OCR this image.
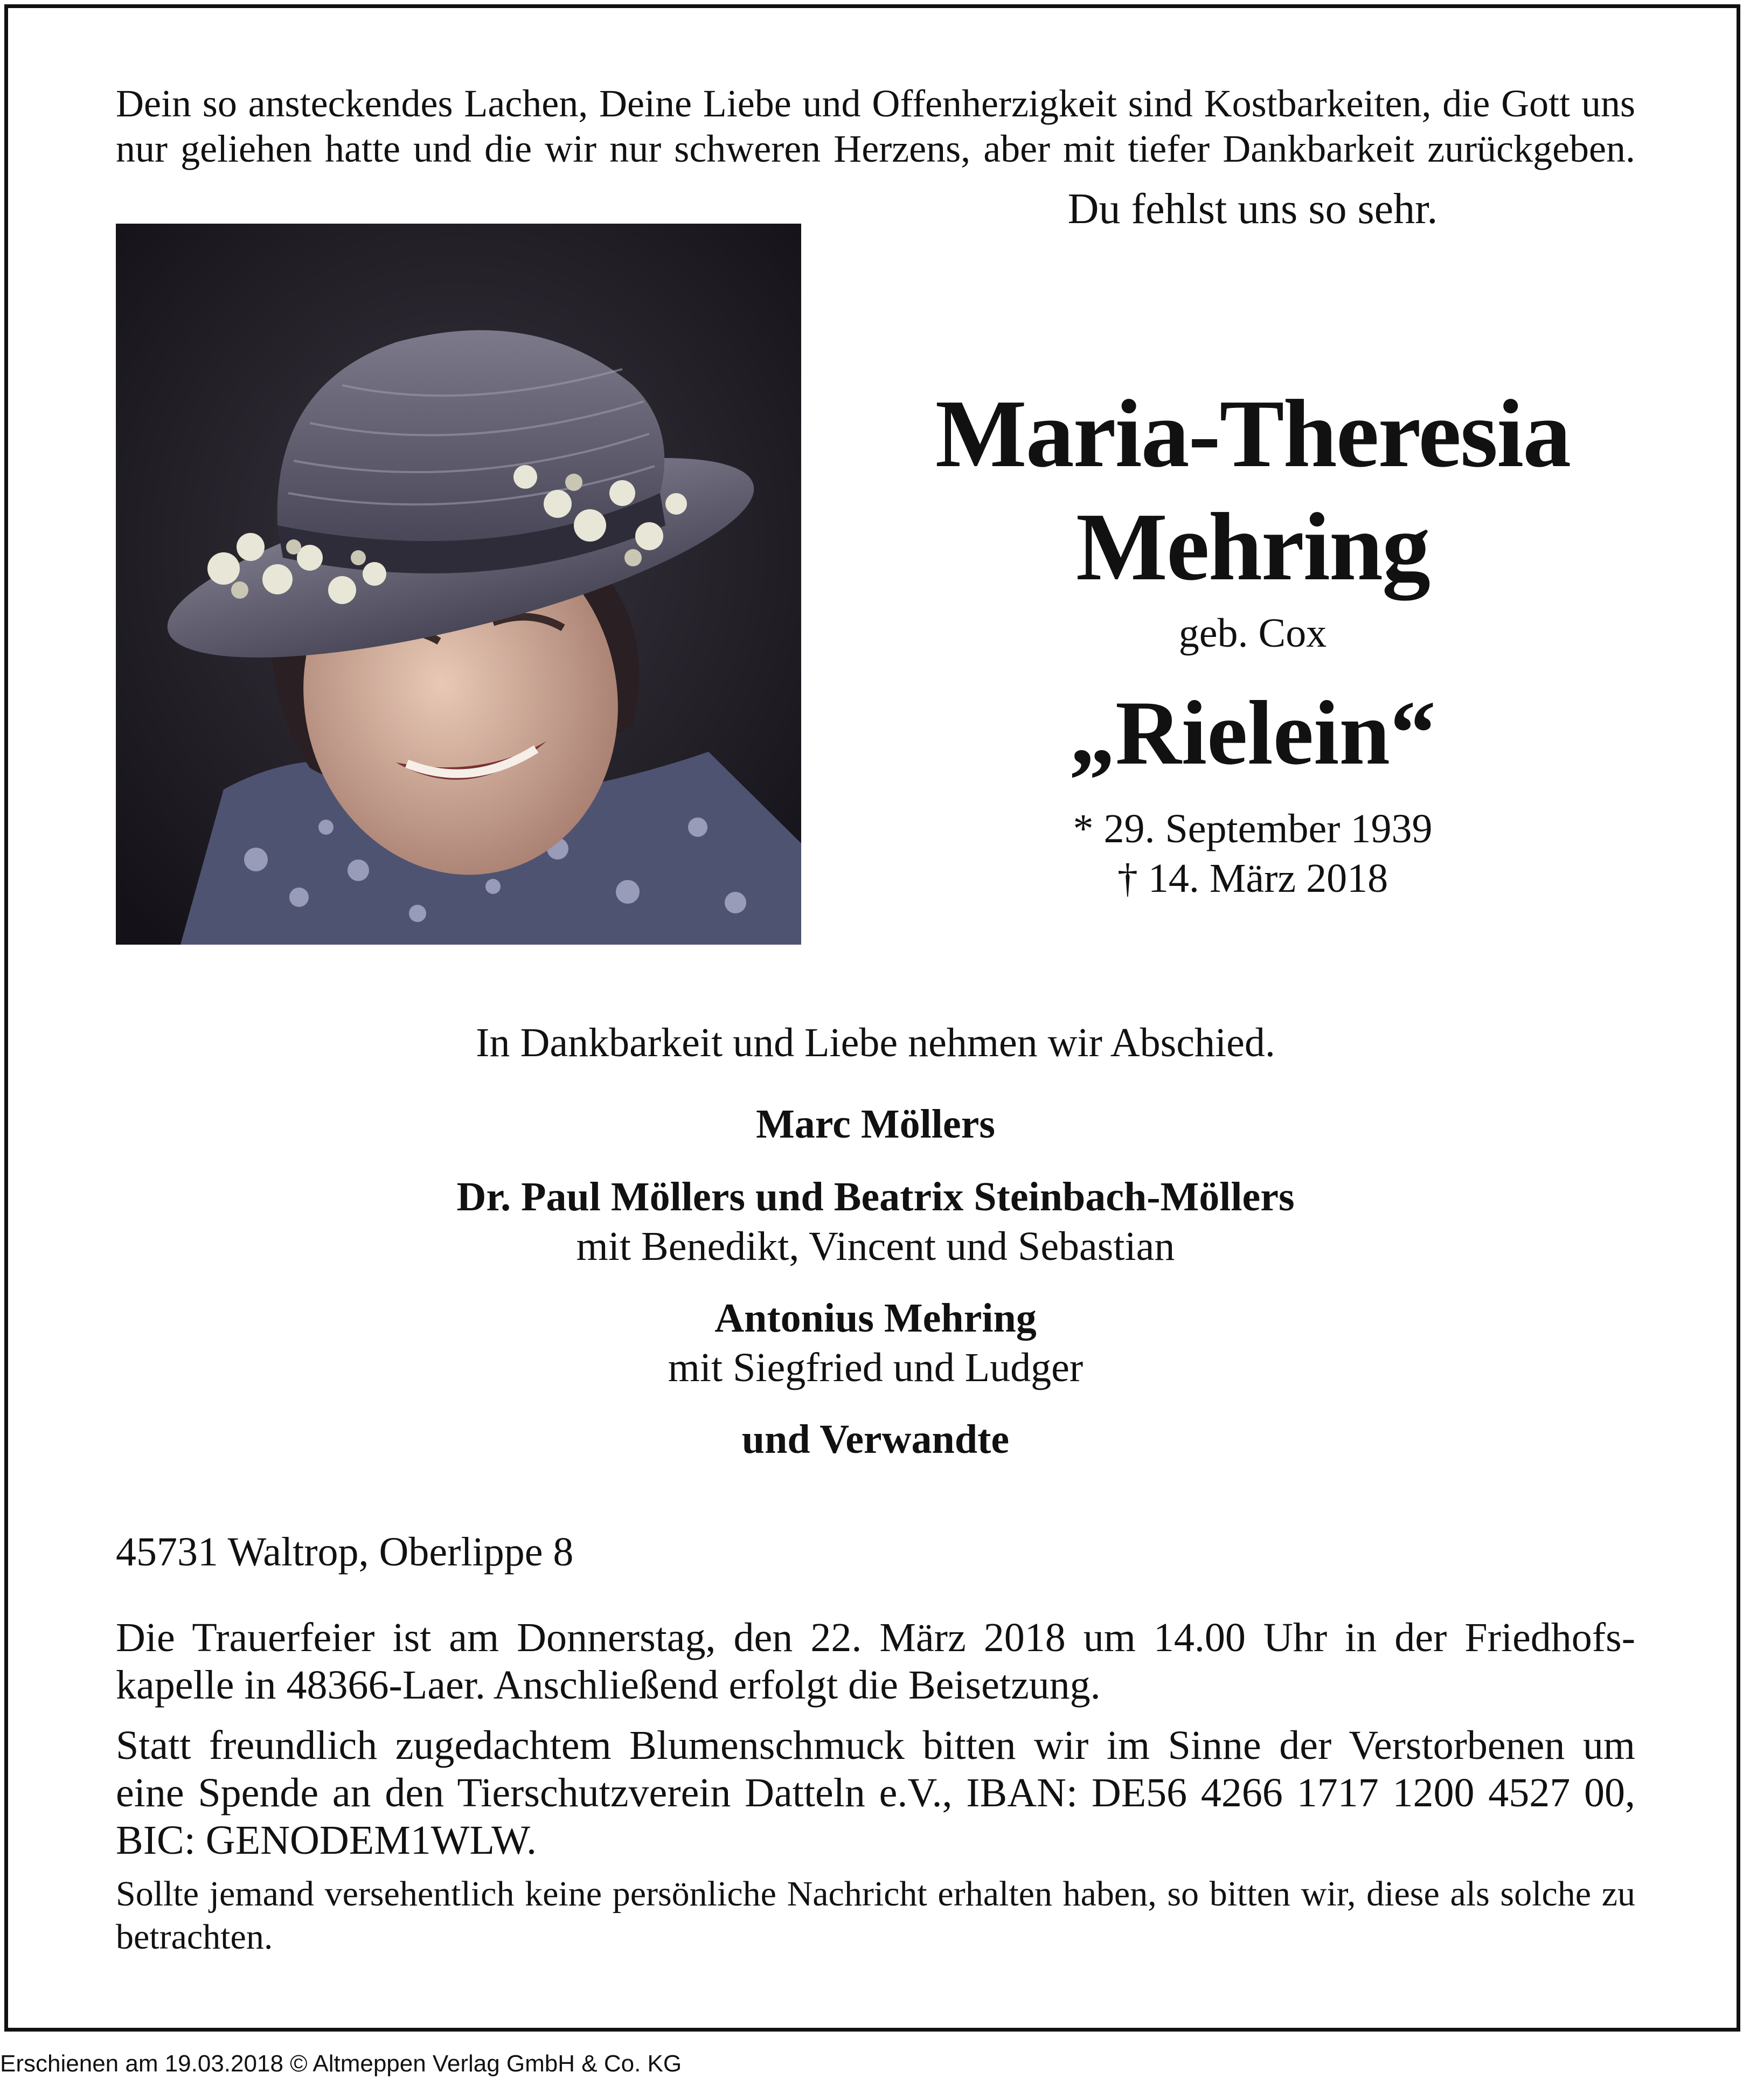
Dein so ansteckendes Lachen, Deine Liebe und Offenherzigkeit sind Kostbarkeiten, die Gott uns
nur geliehen hatte und die wir nur schweren Herzens, aber mit tiefer Dankbarkeit zurückgeben.
Du fehlst uns so sehr.
Maria-Theresia
Mehring
geb. Cox
„Rielein“
* 29. September 1939
† 14. März 2018
In Dankbarkeit und Liebe nehmen wir Abschied.
Marc Möllers
Dr. Paul Möllers und Beatrix Steinbach-Möllers
mit Benedikt, Vincent und Sebastian
Antonius Mehring
mit Siegfried und Ludger
und Verwandte
45731 Waltrop, Oberlippe 8
Die Trauerfeier ist am Donnerstag, den 22. März 2018 um 14.00 Uhr in der Friedhofs-kapelle in 48366-Laer. Anschließend erfolgt die Beisetzung.
Statt freundlich zugedachtem Blumenschmuck bitten wir im Sinne der Verstorbenen um eine Spende an den Tierschutzverein Datteln e.V., IBAN: DE56 4266 1717 1200 4527 00, BIC: GENODEM1WLW.
Sollte jemand versehentlich keine persönliche Nachricht erhalten haben, so bitten wir, diese als solche zu betrachten.
Erschienen am 19.03.2018 © Altmeppen Verlag GmbH & Co. KG
